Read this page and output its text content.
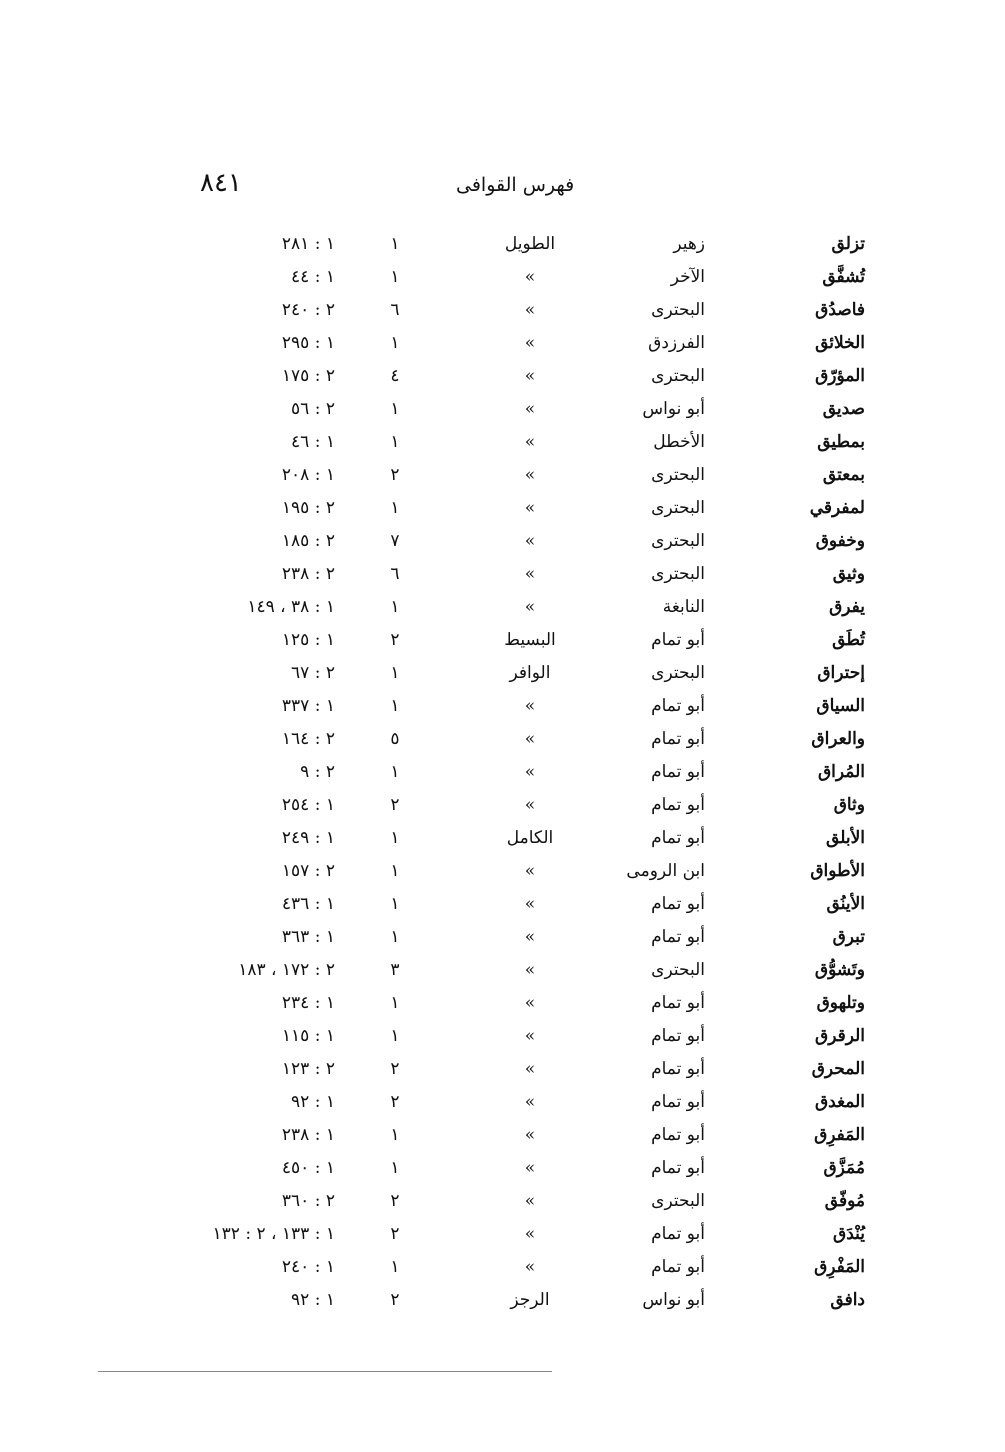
فهرس القوافى
٨٤١
تزلق
زهير
الطويل
١
١ : ٢٨١
تُشفَّق
الآخر
»
١
١ : ٤٤
فاصدُق
البحترى
»
٦
٢ : ٢٤٠
الخلائق
الفرزدق
»
١
١ : ٢٩٥
المؤرّق
البحترى
»
٤
٢ : ١٧٥
صديق
أبو نواس
»
١
٢ : ٥٦
بمطيق
الأخطل
»
١
١ : ٤٦
بمعتق
البحترى
»
٢
١ : ٢٠٨
لمفرقي
البحترى
»
١
٢ : ١٩٥
وخفوق
البحترى
»
٧
٢ : ١٨٥
وثيق
البحترى
»
٦
٢ : ٢٣٨
يفرق
النابغة
»
١
١ : ٣٨ ، ١٤٩
تُطَق
أبو تمام
البسيط
٢
١ : ١٢٥
إحتراق
البحترى
الوافر
١
٢ : ٦٧
السياق
أبو تمام
»
١
١ : ٣٣٧
والعراق
أبو تمام
»
٥
٢ : ١٦٤
المُراق
أبو تمام
»
١
٢ : ٩
وثاق
أبو تمام
»
٢
١ : ٢٥٤
الأبلق
أبو تمام
الكامل
١
١ : ٢٤٩
الأطواق
ابن الرومى
»
١
٢ : ١٥٧
الأينُق
أبو تمام
»
١
١ : ٤٣٦
تبرق
أبو تمام
»
١
١ : ٣٦٣
وتَشوُّق
البحترى
»
٣
٢ : ١٧٢ ، ١٨٣
وتلهوق
أبو تمام
»
١
١ : ٢٣٤
الرقرق
أبو تمام
»
١
١ : ١١٥
المحرق
أبو تمام
»
٢
٢ : ١٢٣
المغدق
أبو تمام
»
٢
١ : ٩٢
المَفرِق
أبو تمام
»
١
١ : ٢٣٨
مُمَزَّق
أبو تمام
»
١
١ : ٤٥٠
مُوفّق
البحترى
»
٢
٢ : ٣٦٠
يُنْدَق
أبو تمام
»
٢
١ : ١٣٣ ، ٢ : ١٣٢
المَفْرِق
أبو تمام
»
١
١ : ٢٤٠
دافق
أبو نواس
الرجز
٢
١ : ٩٢
